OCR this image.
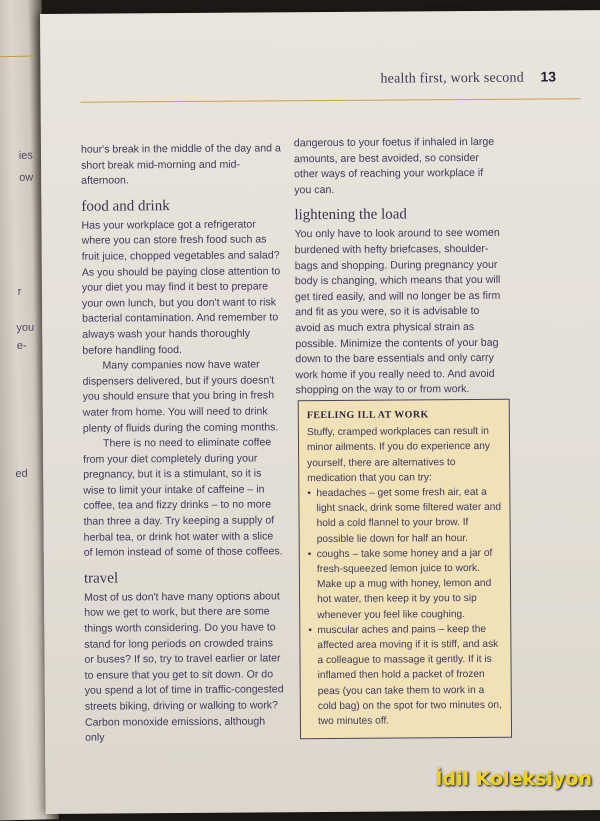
ies
ow
r
you
e-
ed
health first, work second 13

hour's break in the middle of the day and a short break mid-morning and mid-afternoon.

food and drink

Has your workplace got a refrigerator where you can store fresh food such as fruit juice, chopped vegetables and salad? As you should be paying close attention to your diet you may find it best to prepare your own lunch, but you don't want to risk bacterial contamination. And remember to always wash your hands thoroughly before handling food.

Many companies now have water dispensers delivered, but if yours doesn't you should ensure that you bring in fresh water from home. You will need to drink plenty of fluids during the coming months.

There is no need to eliminate coffee from your diet completely during your pregnancy, but it is a stimulant, so it is wise to limit your intake of caffeine – in coffee, tea and fizzy drinks – to no more than three a day. Try keeping a supply of herbal tea, or drink hot water with a slice of lemon instead of some of those coffees.

travel

Most of us don't have many options about how we get to work, but there are some things worth considering. Do you have to stand for long periods on crowded trains or buses? If so, try to travel earlier or later to ensure that you get to sit down. Or do you spend a lot of time in traffic-congested streets biking, driving or walking to work? Carbon monoxide emissions, although only

dangerous to your foetus if inhaled in large amounts, are best avoided, so consider other ways of reaching your workplace if you can.

lightening the load

You only have to look around to see women burdened with hefty briefcases, shoulder-bags and shopping. During pregnancy your body is changing, which means that you will get tired easily, and will no longer be as firm and fit as you were, so it is advisable to avoid as much extra physical strain as possible. Minimize the contents of your bag down to the bare essentials and only carry work home if you really need to. And avoid shopping on the way to or from work.

FEELING ILL AT WORK

Stuffy, cramped workplaces can result in minor ailments. If you do experience any yourself, there are alternatives to medication that you can try:

• headaches – get some fresh air, eat a light snack, drink some filtered water and hold a cold flannel to your brow. If possible lie down for half an hour.
• coughs – take some honey and a jar of fresh-squeezed lemon juice to work. Make up a mug with honey, lemon and hot water, then keep it by you to sip whenever you feel like coughing.
• muscular aches and pains – keep the affected area moving if it is stiff, and ask a colleague to massage it gently. If it is inflamed then hold a packet of frozen peas (you can take them to work in a cold bag) on the spot for two minutes on, two minutes off.
İdil Koleksiyon
